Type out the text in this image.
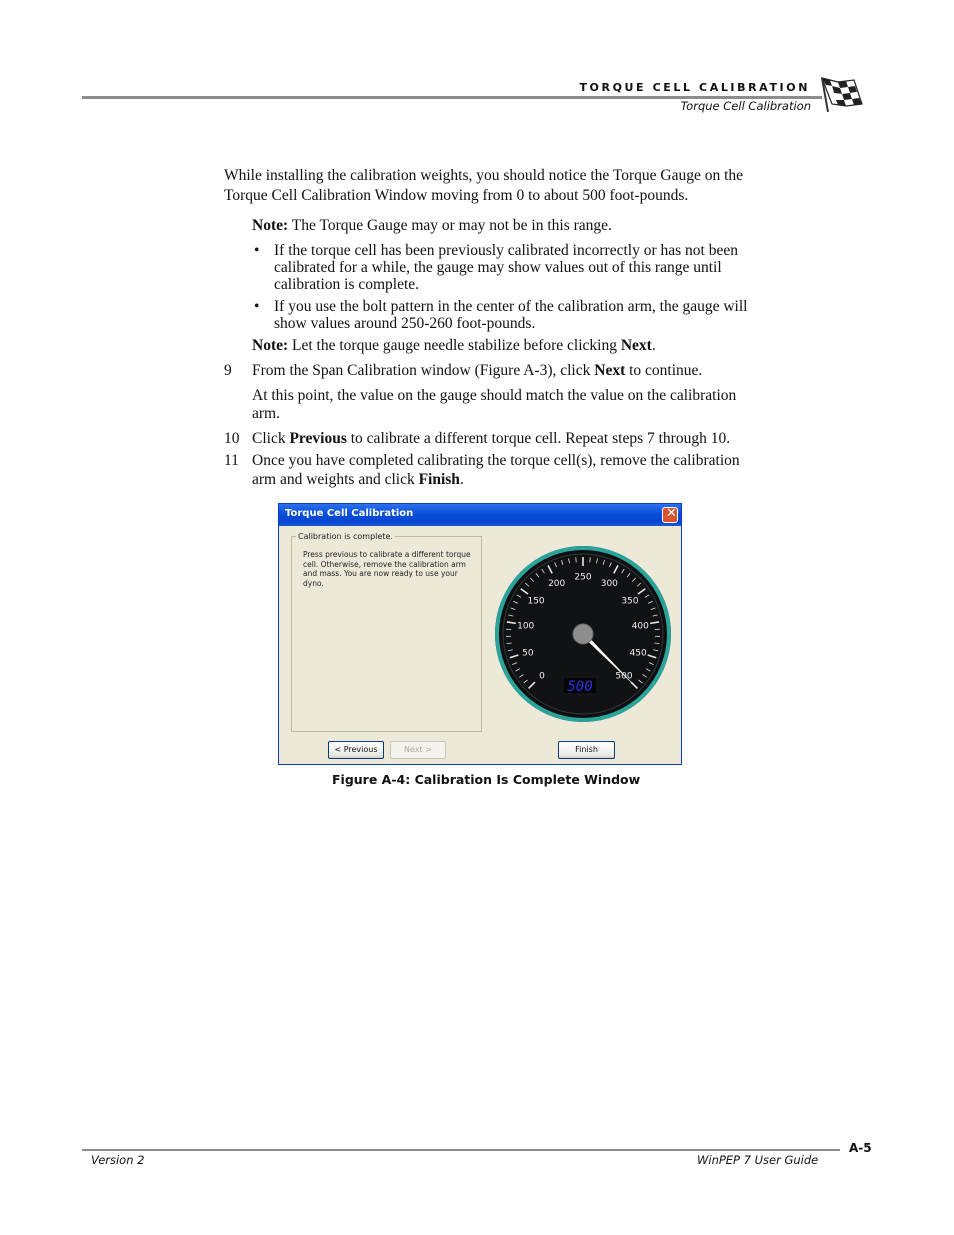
TORQUE CELL CALIBRATION
Torque Cell Calibration

While installing the calibration weights, you should notice the Torque Gauge on the

Torque Cell Calibration Window moving from 0 to about 500 foot-pounds.

Note: The Torque Gauge may or may not be in this range.

• If the torque cell has been previously calibrated incorrectly or has not been

calibrated for a while, the gauge may show values out of this range until

calibration is complete.

• If you use the bolt pattern in the center of the calibration arm, the gauge will

show values around 250-260 foot-pounds.

Note: Let the torque gauge needle stabilize before clicking Next.

9 From the Span Calibration window (Figure A-3), click Next to continue.

At this point, the value on the gauge should match the value on the calibration

arm.

10 Click Previous to calibrate a different torque cell. Repeat steps 7 through 10.

11 Once you have completed calibrating the torque cell(s), remove the calibration

arm and weights and click Finish.

Torque Cell Calibration	✕
Calibration is complete.
Press previous to calibrate a different torque cell. Otherwise, remove the calibration arm and mass. You are now ready to use your dyno.
0
50
100
150
200
250
300
350
400
450
500
500
< Previous	Next >	Finish
Figure A-4: Calibration Is Complete Window
A-5
Version 2	WinPEP 7 User Guide
